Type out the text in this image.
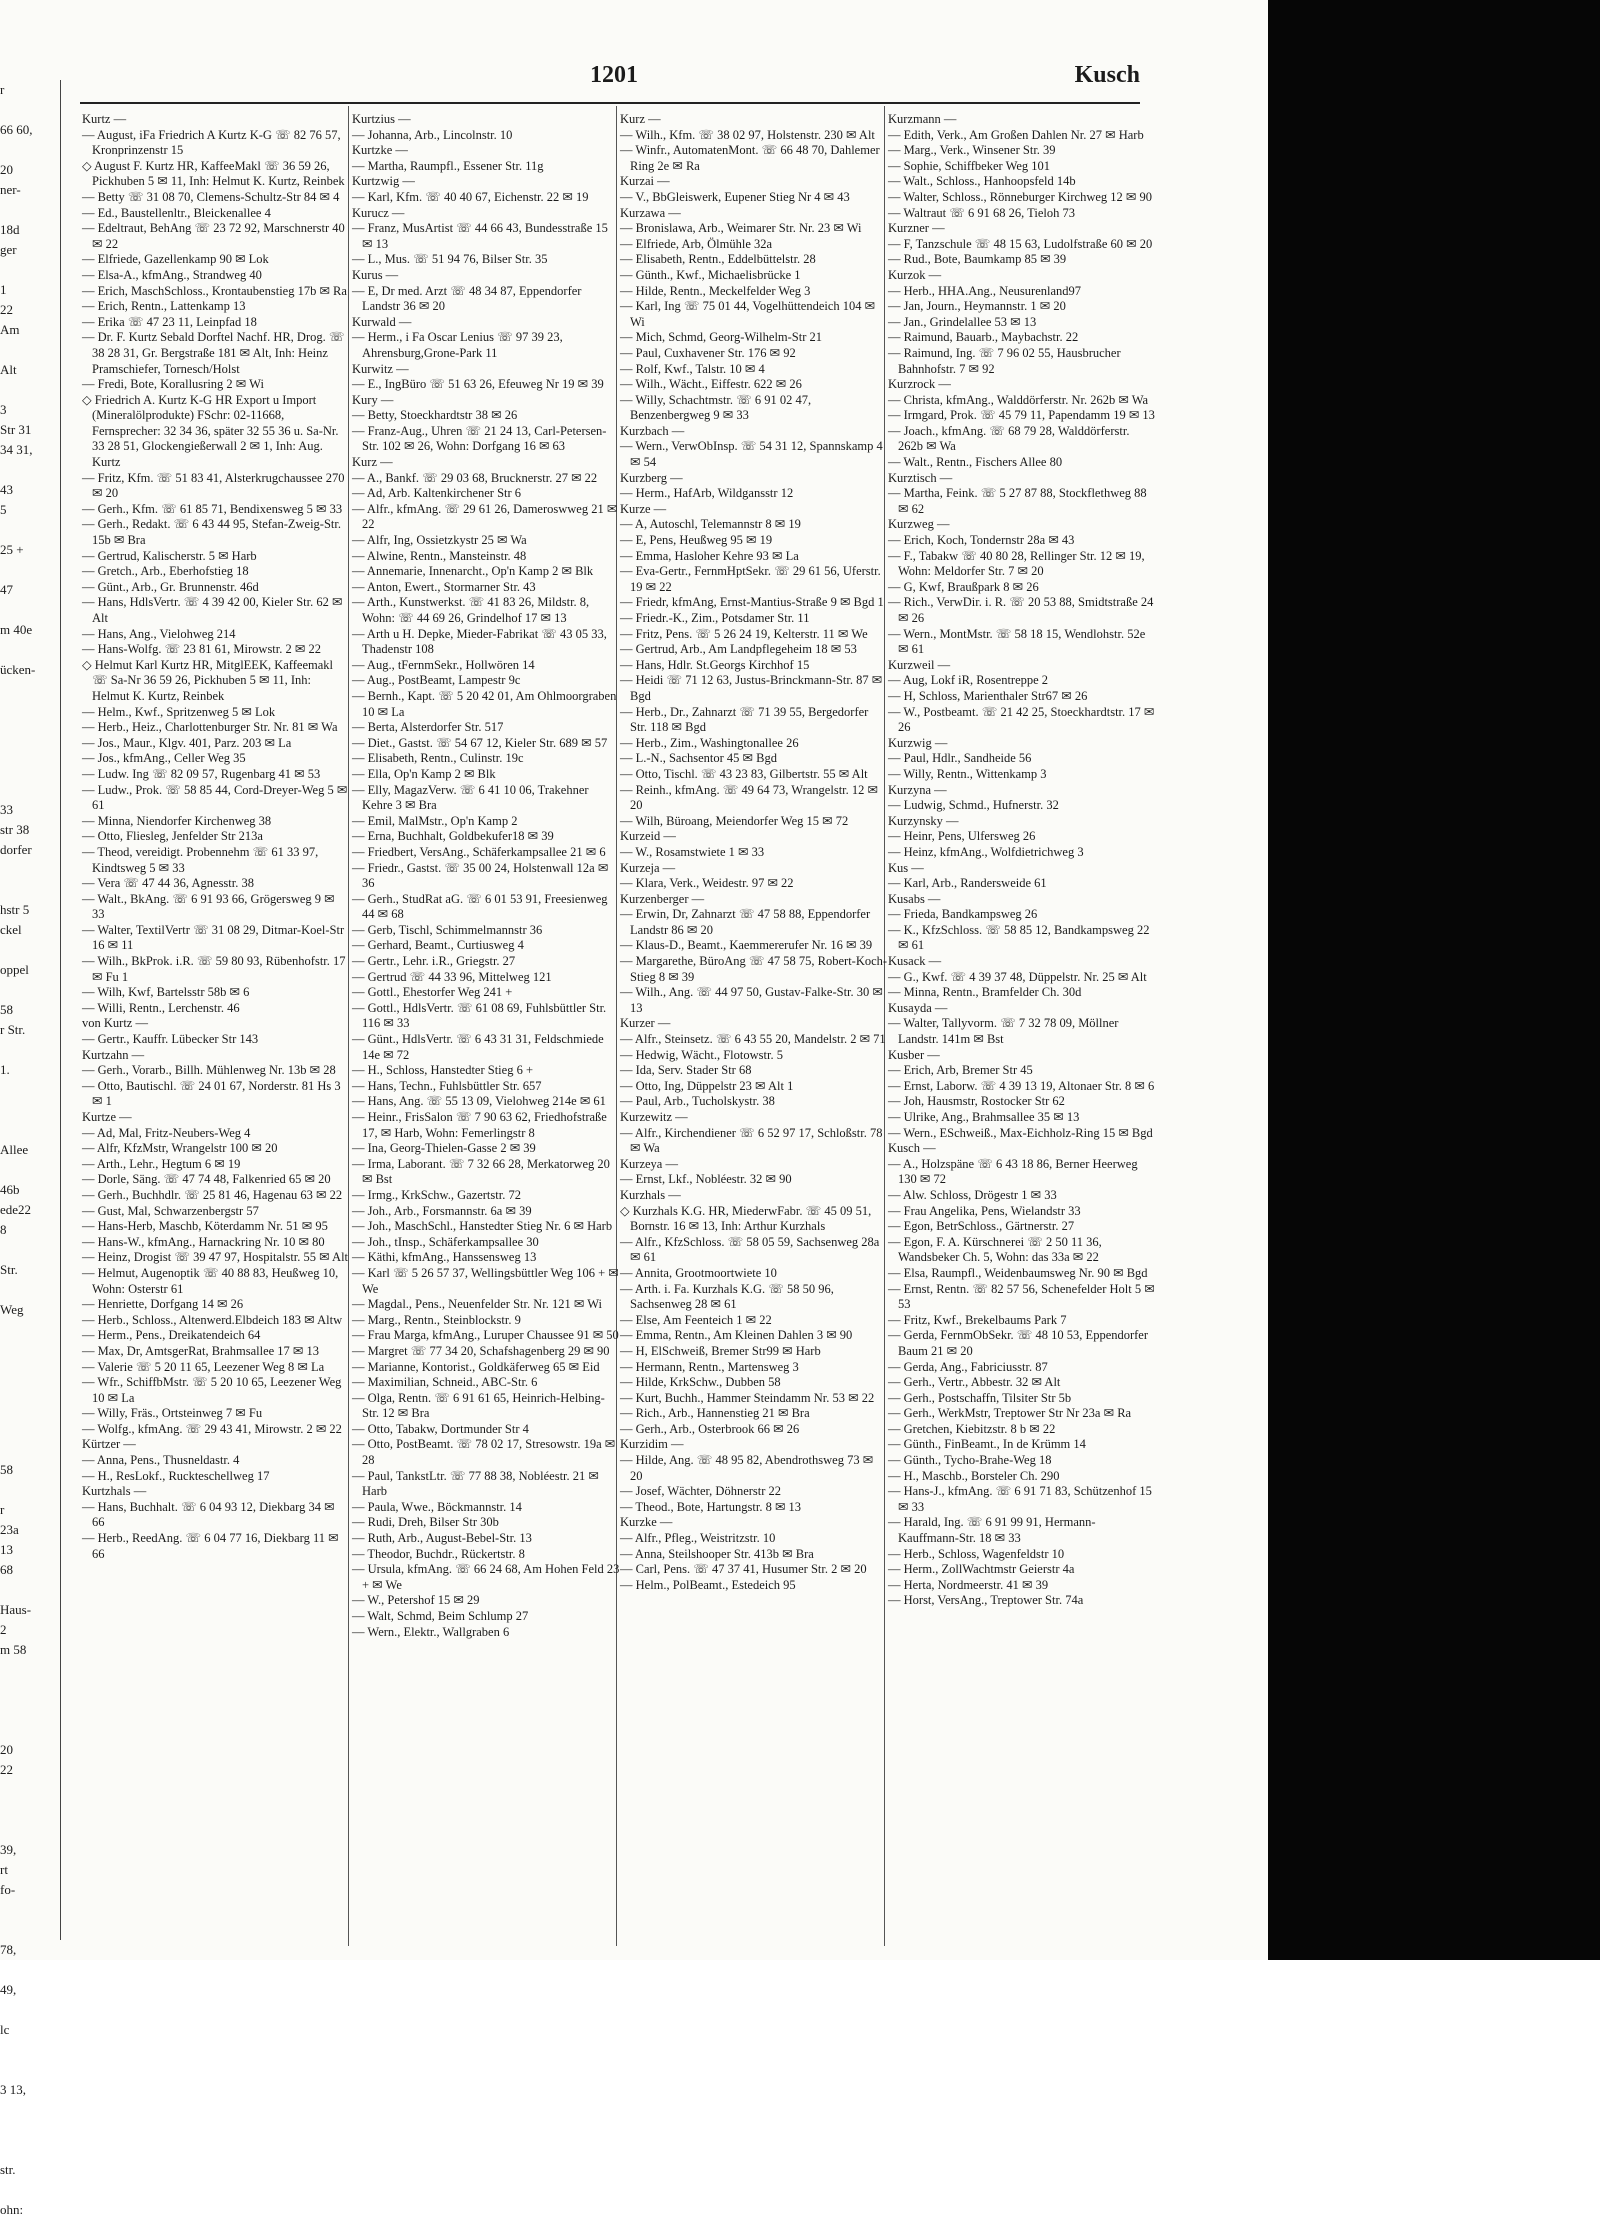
r
66 60,
20
ner-
18d
ger
1
22
Am
Alt
3
Str 31
34 31,
43
5
25 +
47
m 40e
ücken-
33
str 38
dorfer
hstr 5
ckel
oppel
58
r Str.
1.
Allee
46b
ede22
8
Str.
Weg
58
r
23a
13
68
Haus-
2
m 58
20
22
39,
rt
fo-
78,
49,
lc
3 13,
str.
ohn:
1201	Kusch

Kurtz —

— August, iFa Friedrich A Kurtz K-G ☏ 82 76 57, Kronprinzenstr 15

◇ August F. Kurtz HR, KaffeeMakl ☏ 36 59 26, Pickhuben 5 ✉ 11, Inh: Helmut K. Kurtz, Reinbek

— Betty ☏ 31 08 70, Clemens-Schultz-Str 84 ✉ 4

— Ed., Baustellenltr., Bleickenallee 4

— Edeltraut, BehAng ☏ 23 72 92, Marschnerstr 40 ✉ 22

— Elfriede, Gazellenkamp 90 ✉ Lok

— Elsa-A., kfmAng., Strandweg 40

— Erich, MaschSchloss., Krontaubenstieg 17b ✉ Ra

— Erich, Rentn., Lattenkamp 13

— Erika ☏ 47 23 11, Leinpfad 18

— Dr. F. Kurtz Sebald Dorftel Nachf. HR, Drog. ☏ 38 28 31, Gr. Bergstraße 181 ✉ Alt, Inh: Heinz Pramschiefer, Tornesch/Holst

— Fredi, Bote, Korallusring 2 ✉ Wi

◇ Friedrich A. Kurtz K-G HR Export u Import (Mineralölprodukte) FSchr: 02-11668, Fernsprecher: 32 34 36, später 32 55 36 u. Sa-Nr. 33 28 51, Glockengießerwall 2 ✉ 1, Inh: Aug. Kurtz

— Fritz, Kfm. ☏ 51 83 41, Alsterkrugchaussee 270 ✉ 20

— Gerh., Kfm. ☏ 61 85 71, Bendixensweg 5 ✉ 33

— Gerh., Redakt. ☏ 6 43 44 95, Stefan-Zweig-Str. 15b ✉ Bra

— Gertrud, Kalischerstr. 5 ✉ Harb

— Gretch., Arb., Eberhofstieg 18

— Günt., Arb., Gr. Brunnenstr. 46d

— Hans, HdlsVertr. ☏ 4 39 42 00, Kieler Str. 62 ✉ Alt

— Hans, Ang., Vielohweg 214

— Hans-Wolfg. ☏ 23 81 61, Mirowstr. 2 ✉ 22

◇ Helmut Karl Kurtz HR, MitglEEK, Kaffeemakl ☏ Sa-Nr 36 59 26, Pickhuben 5 ✉ 11, Inh: Helmut K. Kurtz, Reinbek

— Helm., Kwf., Spritzenweg 5 ✉ Lok

— Herb., Heiz., Charlottenburger Str. Nr. 81 ✉ Wa

— Jos., Maur., Klgv. 401, Parz. 203 ✉ La

— Jos., kfmAng., Celler Weg 35

— Ludw. Ing ☏ 82 09 57, Rugenbarg 41 ✉ 53

— Ludw., Prok. ☏ 58 85 44, Cord-Dreyer-Weg 5 ✉ 61

— Minna, Niendorfer Kirchenweg 38

— Otto, Fliesleg, Jenfelder Str 213a

— Theod, vereidigt. Probennehm ☏ 61 33 97, Kindtsweg 5 ✉ 33

— Vera ☏ 47 44 36, Agnesstr. 38

— Walt., BkAng. ☏ 6 91 93 66, Grögersweg 9 ✉ 33

— Walter, TextilVertr ☏ 31 08 29, Ditmar-Koel-Str 16 ✉ 11

— Wilh., BkProk. i.R. ☏ 59 80 93, Rübenhofstr. 17 ✉ Fu 1

— Wilh, Kwf, Bartelsstr 58b ✉ 6

— Willi, Rentn., Lerchenstr. 46

von Kurtz —

— Gertr., Kauffr. Lübecker Str 143

Kurtzahn —

— Gerh., Vorarb., Billh. Mühlenweg Nr. 13b ✉ 28

— Otto, Bautischl. ☏ 24 01 67, Norderstr. 81 Hs 3 ✉ 1

Kurtze —

— Ad, Mal, Fritz-Neubers-Weg 4

— Alfr, KfzMstr, Wrangelstr 100 ✉ 20

— Arth., Lehr., Hegtum 6 ✉ 19

— Dorle, Säng. ☏ 47 74 48, Falkenried 65 ✉ 20

— Gerh., Buchhdlr. ☏ 25 81 46, Hagenau 63 ✉ 22

— Gust, Mal, Schwarzenbergstr 57

— Hans-Herb, Maschb, Köterdamm Nr. 51 ✉ 95

— Hans-W., kfmAng., Harnackring Nr. 10 ✉ 80

— Heinz, Drogist ☏ 39 47 97, Hospitalstr. 55 ✉ Alt

— Helmut, Augenoptik ☏ 40 88 83, Heußweg 10, Wohn: Osterstr 61

— Henriette, Dorfgang 14 ✉ 26

— Herb., Schloss., Altenwerd.Elbdeich 183 ✉ Altw

— Herm., Pens., Dreikatendeich 64

— Max, Dr, AmtsgerRat, Brahmsallee 17 ✉ 13

— Valerie ☏ 5 20 11 65, Leezener Weg 8 ✉ La

— Wfr., SchiffbMstr. ☏ 5 20 10 65, Leezener Weg 10 ✉ La

— Willy, Fräs., Ortsteinweg 7 ✉ Fu

— Wolfg., kfmAng. ☏ 29 43 41, Mirowstr. 2 ✉ 22

Kürtzer —

— Anna, Pens., Thusneldastr. 4

— H., ResLokf., Ruckteschellweg 17

Kurtzhals —

— Hans, Buchhalt. ☏ 6 04 93 12, Diekbarg 34 ✉ 66

— Herb., ReedAng. ☏ 6 04 77 16, Diekbarg 11 ✉ 66

Kurtzius —

— Johanna, Arb., Lincolnstr. 10

Kurtzke —

— Martha, Raumpfl., Essener Str. 11g

Kurtzwig —

— Karl, Kfm. ☏ 40 40 67, Eichenstr. 22 ✉ 19

Kurucz —

— Franz, MusArtist ☏ 44 66 43, Bundesstraße 15 ✉ 13

— L., Mus. ☏ 51 94 76, Bilser Str. 35

Kurus —

— E, Dr med. Arzt ☏ 48 34 87, Eppendorfer Landstr 36 ✉ 20

Kurwald —

— Herm., i Fa Oscar Lenius ☏ 97 39 23, Ahrensburg,Grone-Park 11

Kurwitz —

— E., IngBüro ☏ 51 63 26, Efeuweg Nr 19 ✉ 39

Kury —

— Betty, Stoeckhardtstr 38 ✉ 26

— Franz-Aug., Uhren ☏ 21 24 13, Carl-Petersen-Str. 102 ✉ 26, Wohn: Dorfgang 16 ✉ 63

Kurz —

— A., Bankf. ☏ 29 03 68, Brucknerstr. 27 ✉ 22

— Ad, Arb. Kaltenkirchener Str 6

— Alfr., kfmAng. ☏ 29 61 26, Dameroswweg 21 ✉ 22

— Alfr, Ing, Ossietzkystr 25 ✉ Wa

— Alwine, Rentn., Mansteinstr. 48

— Annemarie, Innenarcht., Op'n Kamp 2 ✉ Blk

— Anton, Ewert., Stormarner Str. 43

— Arth., Kunstwerkst. ☏ 41 83 26, Mildstr. 8, Wohn: ☏ 44 69 26, Grindelhof 17 ✉ 13

— Arth u H. Depke, Mieder-Fabrikat ☏ 43 05 33, Thadenstr 108

— Aug., tFernmSekr., Hollwören 14

— Aug., PostBeamt, Lampestr 9c

— Bernh., Kapt. ☏ 5 20 42 01, Am Ohlmoorgraben 10 ✉ La

— Berta, Alsterdorfer Str. 517

— Diet., Gastst. ☏ 54 67 12, Kieler Str. 689 ✉ 57

— Elisabeth, Rentn., Culinstr. 19c

— Ella, Op'n Kamp 2 ✉ Blk

— Elly, MagazVerw. ☏ 6 41 10 06, Trakehner Kehre 3 ✉ Bra

— Emil, MalMstr., Op'n Kamp 2

— Erna, Buchhalt, Goldbekufer18 ✉ 39

— Friedbert, VersAng., Schäferkampsallee 21 ✉ 6

— Friedr., Gastst. ☏ 35 00 24, Holstenwall 12a ✉ 36

— Gerh., StudRat aG. ☏ 6 01 53 91, Freesienweg 44 ✉ 68

— Gerb, Tischl, Schimmelmannstr 36

— Gerhard, Beamt., Curtiusweg 4

— Gertr., Lehr. i.R., Griegstr. 27

— Gertrud ☏ 44 33 96, Mittelweg 121

— Gottl., Ehestorfer Weg 241 +

— Gottl., HdlsVertr. ☏ 61 08 69, Fuhlsbüttler Str. 116 ✉ 33

— Günt., HdlsVertr. ☏ 6 43 31 31, Feldschmiede 14e ✉ 72

— H., Schloss, Hanstedter Stieg 6 +

— Hans, Techn., Fuhlsbüttler Str. 657

— Hans, Ang. ☏ 55 13 09, Vielohweg 214e ✉ 61

— Heinr., FrisSalon ☏ 7 90 63 62, Friedhofstraße 17, ✉ Harb, Wohn: Femerlingstr 8

— Ina, Georg-Thielen-Gasse 2 ✉ 39

— Irma, Laborant. ☏ 7 32 66 28, Merkatorweg 20 ✉ Bst

— Irmg., KrkSchw., Gazertstr. 72

— Joh., Arb., Forsmannstr. 6a ✉ 39

— Joh., MaschSchl., Hanstedter Stieg Nr. 6 ✉ Harb

— Joh., tInsp., Schäferkampsallee 30

— Käthi, kfmAng., Hanssensweg 13

— Karl ☏ 5 26 57 37, Wellingsbüttler Weg 106 + ✉ We

— Magdal., Pens., Neuenfelder Str. Nr. 121 ✉ Wi

— Marg., Rentn., Steinblockstr. 9

— Frau Marga, kfmAng., Luruper Chaussee 91 ✉ 50

— Margret ☏ 77 34 20, Schafshagenberg 29 ✉ 90

— Marianne, Kontorist., Goldkäferweg 65 ✉ Eid

— Maximilian, Schneid., ABC-Str. 6

— Olga, Rentn. ☏ 6 91 61 65, Heinrich-Helbing-Str. 12 ✉ Bra

— Otto, Tabakw, Dortmunder Str 4

— Otto, PostBeamt. ☏ 78 02 17, Stresowstr. 19a ✉ 28

— Paul, TankstLtr. ☏ 77 88 38, Nobléestr. 21 ✉ Harb

— Paula, Wwe., Böckmannstr. 14

— Rudi, Dreh, Bilser Str 30b

— Ruth, Arb., August-Bebel-Str. 13

— Theodor, Buchdr., Rückertstr. 8

— Ursula, kfmAng. ☏ 66 24 68, Am Hohen Feld 23 + ✉ We

— W., Petershof 15 ✉ 29

— Walt, Schmd, Beim Schlump 27

— Wern., Elektr., Wallgraben 6

Kurz —

— Wilh., Kfm. ☏ 38 02 97, Holstenstr. 230 ✉ Alt

— Winfr., AutomatenMont. ☏ 66 48 70, Dahlemer Ring 2e ✉ Ra

Kurzai —

— V., BbGleiswerk, Eupener Stieg Nr 4 ✉ 43

Kurzawa —

— Bronislawa, Arb., Weimarer Str. Nr. 23 ✉ Wi

— Elfriede, Arb, Ölmühle 32a

— Elisabeth, Rentn., Eddelbüttelstr. 28

— Günth., Kwf., Michaelisbrücke 1

— Hilde, Rentn., Meckelfelder Weg 3

— Karl, Ing ☏ 75 01 44, Vogelhüttendeich 104 ✉ Wi

— Mich, Schmd, Georg-Wilhelm-Str 21

— Paul, Cuxhavener Str. 176 ✉ 92

— Rolf, Kwf., Talstr. 10 ✉ 4

— Wilh., Wächt., Eiffestr. 622 ✉ 26

— Willy, Schachtmstr. ☏ 6 91 02 47, Benzenbergweg 9 ✉ 33

Kurzbach —

— Wern., VerwObInsp. ☏ 54 31 12, Spannskamp 4 ✉ 54

Kurzberg —

— Herm., HafArb, Wildgansstr 12

Kurze —

— A, Autoschl, Telemannstr 8 ✉ 19

— E, Pens, Heußweg 95 ✉ 19

— Emma, Hasloher Kehre 93 ✉ La

— Eva-Gertr., FernmHptSekr. ☏ 29 61 56, Uferstr. 19 ✉ 22

— Friedr, kfmAng, Ernst-Mantius-Straße 9 ✉ Bgd 1

— Friedr.-K., Zim., Potsdamer Str. 11

— Fritz, Pens. ☏ 5 26 24 19, Kelterstr. 11 ✉ We

— Gertrud, Arb., Am Landpflegeheim 18 ✉ 53

— Hans, Hdlr. St.Georgs Kirchhof 15

— Heidi ☏ 71 12 63, Justus-Brinckmann-Str. 87 ✉ Bgd

— Herb., Dr., Zahnarzt ☏ 71 39 55, Bergedorfer Str. 118 ✉ Bgd

— Herb., Zim., Washingtonallee 26

— L.-N., Sachsentor 45 ✉ Bgd

— Otto, Tischl. ☏ 43 23 83, Gilbertstr. 55 ✉ Alt

— Reinh., kfmAng. ☏ 49 64 73, Wrangelstr. 12 ✉ 20

— Wilh, Büroang, Meiendorfer Weg 15 ✉ 72

Kurzeid —

— W., Rosamstwiete 1 ✉ 33

Kurzeja —

— Klara, Verk., Weidestr. 97 ✉ 22

Kurzenberger —

— Erwin, Dr, Zahnarzt ☏ 47 58 88, Eppendorfer Landstr 86 ✉ 20

— Klaus-D., Beamt., Kaemmererufer Nr. 16 ✉ 39

— Margarethe, BüroAng ☏ 47 58 75, Robert-Koch-Stieg 8 ✉ 39

— Wilh., Ang. ☏ 44 97 50, Gustav-Falke-Str. 30 ✉ 13

Kurzer —

— Alfr., Steinsetz. ☏ 6 43 55 20, Mandelstr. 2 ✉ 71

— Hedwig, Wächt., Flotowstr. 5

— Ida, Serv. Stader Str 68

— Otto, Ing, Düppelstr 23 ✉ Alt 1

— Paul, Arb., Tucholskystr. 38

Kurzewitz —

— Alfr., Kirchendiener ☏ 6 52 97 17, Schloßstr. 78 ✉ Wa

Kurzeya —

— Ernst, Lkf., Nobléestr. 32 ✉ 90

Kurzhals —

◇ Kurzhals K.G. HR, MiederwFabr. ☏ 45 09 51, Bornstr. 16 ✉ 13, Inh: Arthur Kurzhals

— Alfr., KfzSchloss. ☏ 58 05 59, Sachsenweg 28a ✉ 61

— Annita, Grootmoortwiete 10

— Arth. i. Fa. Kurzhals K.G. ☏ 58 50 96, Sachsenweg 28 ✉ 61

— Else, Am Feenteich 1 ✉ 22

— Emma, Rentn., Am Kleinen Dahlen 3 ✉ 90

— H, ElSchweiß, Bremer Str99 ✉ Harb

— Hermann, Rentn., Martensweg 3

— Hilde, KrkSchw., Dubben 58

— Kurt, Buchh., Hammer Steindamm Nr. 53 ✉ 22

— Rich., Arb., Hannenstieg 21 ✉ Bra

— Gerh., Arb., Osterbrook 66 ✉ 26

Kurzidim —

— Hilde, Ang. ☏ 48 95 82, Abendrothsweg 73 ✉ 20

— Josef, Wächter, Döhnerstr 22

— Theod., Bote, Hartungstr. 8 ✉ 13

Kurzke —

— Alfr., Pfleg., Weistritzstr. 10

— Anna, Steilshooper Str. 413b ✉ Bra

— Carl, Pens. ☏ 47 37 41, Husumer Str. 2 ✉ 20

— Helm., PolBeamt., Estedeich 95

Kurzmann —

— Edith, Verk., Am Großen Dahlen Nr. 27 ✉ Harb

— Marg., Verk., Winsener Str. 39

— Sophie, Schiffbeker Weg 101

— Walt., Schloss., Hanhoopsfeld 14b

— Walter, Schloss., Rönneburger Kirchweg 12 ✉ 90

— Waltraut ☏ 6 91 68 26, Tieloh 73

Kurzner —

— F, Tanzschule ☏ 48 15 63, Ludolfstraße 60 ✉ 20

— Rud., Bote, Baumkamp 85 ✉ 39

Kurzok —

— Herb., HHA.Ang., Neusurenland97

— Jan, Journ., Heymannstr. 1 ✉ 20

— Jan., Grindelallee 53 ✉ 13

— Raimund, Bauarb., Maybachstr. 22

— Raimund, Ing. ☏ 7 96 02 55, Hausbrucher Bahnhofstr. 7 ✉ 92

Kurzrock —

— Christa, kfmAng., Walddörferstr. Nr. 262b ✉ Wa

— Irmgard, Prok. ☏ 45 79 11, Papendamm 19 ✉ 13

— Joach., kfmAng. ☏ 68 79 28, Walddörferstr. 262b ✉ Wa

— Walt., Rentn., Fischers Allee 80

Kurztisch —

— Martha, Feink. ☏ 5 27 87 88, Stockflethweg 88 ✉ 62

Kurzweg —

— Erich, Koch, Tondernstr 28a ✉ 43

— F., Tabakw ☏ 40 80 28, Rellinger Str. 12 ✉ 19, Wohn: Meldorfer Str. 7 ✉ 20

— G, Kwf, Braußpark 8 ✉ 26

— Rich., VerwDir. i. R. ☏ 20 53 88, Smidtstraße 24 ✉ 26

— Wern., MontMstr. ☏ 58 18 15, Wendlohstr. 52e ✉ 61

Kurzweil —

— Aug, Lokf iR, Rosentreppe 2

— H, Schloss, Marienthaler Str67 ✉ 26

— W., Postbeamt. ☏ 21 42 25, Stoeckhardtstr. 17 ✉ 26

Kurzwig —

— Paul, Hdlr., Sandheide 56

— Willy, Rentn., Wittenkamp 3

Kurzyna —

— Ludwig, Schmd., Hufnerstr. 32

Kurzynsky —

— Heinr, Pens, Ulfersweg 26

— Heinz, kfmAng., Wolfdietrichweg 3

Kus —

— Karl, Arb., Randersweide 61

Kusabs —

— Frieda, Bandkampsweg 26

— K., KfzSchloss. ☏ 58 85 12, Bandkampsweg 22 ✉ 61

Kusack —

— G., Kwf. ☏ 4 39 37 48, Düppelstr. Nr. 25 ✉ Alt

— Minna, Rentn., Bramfelder Ch. 30d

Kusayda —

— Walter, Tallyvorm. ☏ 7 32 78 09, Möllner Landstr. 141m ✉ Bst

Kusber —

— Erich, Arb, Bremer Str 45

— Ernst, Laborw. ☏ 4 39 13 19, Altonaer Str. 8 ✉ 6

— Joh, Hausmstr, Rostocker Str 62

— Ulrike, Ang., Brahmsallee 35 ✉ 13

— Wern., ESchweiß., Max-Eichholz-Ring 15 ✉ Bgd

Kusch —

— A., Holzspäne ☏ 6 43 18 86, Berner Heerweg 130 ✉ 72

— Alw. Schloss, Drögestr 1 ✉ 33

— Frau Angelika, Pens, Wielandstr 33

— Egon, BetrSchloss., Gärtnerstr. 27

— Egon, F. A. Kürschnerei ☏ 2 50 11 36, Wandsbeker Ch. 5, Wohn: das 33a ✉ 22

— Elsa, Raumpfl., Weidenbaumsweg Nr. 90 ✉ Bgd

— Ernst, Rentn. ☏ 82 57 56, Schenefelder Holt 5 ✉ 53

— Fritz, Kwf., Brekelbaums Park 7

— Gerda, FernmObSekr. ☏ 48 10 53, Eppendorfer Baum 21 ✉ 20

— Gerda, Ang., Fabriciusstr. 87

— Gerh., Vertr., Abbestr. 32 ✉ Alt

— Gerh., Postschaffn, Tilsiter Str 5b

— Gerh., WerkMstr, Treptower Str Nr 23a ✉ Ra

— Gretchen, Kiebitzstr. 8 b ✉ 22

— Günth., FinBeamt., In de Krümm 14

— Günth., Tycho-Brahe-Weg 18

— H., Maschb., Borsteler Ch. 290

— Hans-J., kfmAng. ☏ 6 91 71 83, Schützenhof 15 ✉ 33

— Harald, Ing. ☏ 6 91 99 91, Hermann-Kauffmann-Str. 18 ✉ 33

— Herb., Schloss, Wagenfeldstr 10

— Herm., ZollWachtmstr Geierstr 4a

— Herta, Nordmeerstr. 41 ✉ 39

— Horst, VersAng., Treptower Str. 74a
